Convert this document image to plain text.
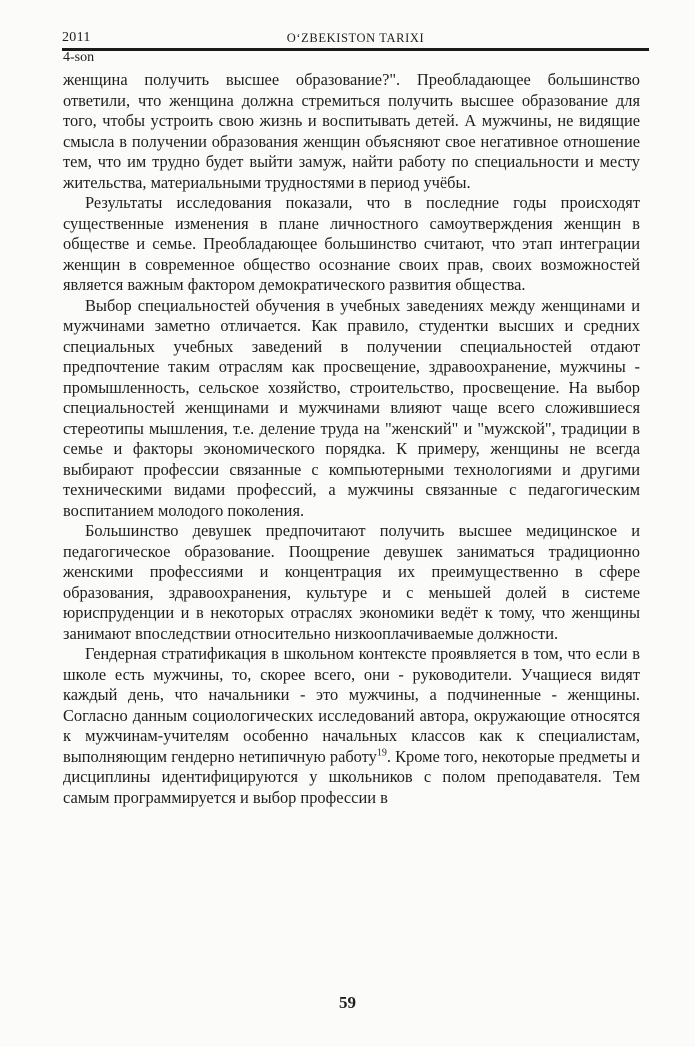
2011	O‘ZBEKISTON TARIXI
4-son

женщина получить высшее образование?". Преобладающее большинство ответили, что женщина должна стремиться получить высшее образование для того, чтобы устроить свою жизнь и воспитывать детей. А мужчины, не видящие смысла в получении образования женщин объясняют свое негативное отношение тем, что им трудно будет выйти замуж, найти работу по специальности и месту жительства, материальными трудностями в период учёбы.

Результаты исследования показали, что в последние годы происходят существенные изменения в плане личностного самоутверждения женщин в обществе и семье. Преобладающее большинство считают, что этап интеграции женщин в современное общество осознание своих прав, своих возможностей является важным фактором демократического развития общества.

Выбор специальностей обучения в учебных заведениях между женщинами и мужчинами заметно отличается. Как правило, студентки высших и средних специальных учебных заведений в получении специальностей отдают предпочтение таким отраслям как просвещение, здравоохранение, мужчины - промышленность, сельское хозяйство, строительство, просвещение. На выбор специальностей женщинами и мужчинами влияют чаще всего сложившиеся стереотипы мышления, т.е. деление труда на "женский" и "мужской", традиции в семье и факторы экономического порядка. К примеру, женщины не всегда выбирают профессии связанные с компьютерными технологиями и другими техническими видами профессий, а мужчины связанные с педагогическим воспитанием молодого поколения.

Большинство девушек предпочитают получить высшее медицинское и педагогическое образование. Поощрение девушек заниматься традиционно женскими профессиями и концентрация их преимущественно в сфере образования, здравоохранения, культуре и с меньшей долей в системе юриспруденции и в некоторых отраслях экономики ведёт к тому, что женщины занимают впоследствии относительно низкооплачиваемые должности.

Гендерная стратификация в школьном контексте проявляется в том, что если в школе есть мужчины, то, скорее всего, они - руководители. Учащиеся видят каждый день, что начальники - это мужчины, а подчиненные - женщины. Согласно данным социологических исследований автора, окружающие относятся к мужчинам-учителям особенно начальных классов как к специалистам, выполняющим гендерно нетипичную работу$^{19}$. Кроме того, некоторые предметы и дисциплины идентифицируются у школьников с полом преподавателя. Тем самым программируется и выбор профессии в

59
